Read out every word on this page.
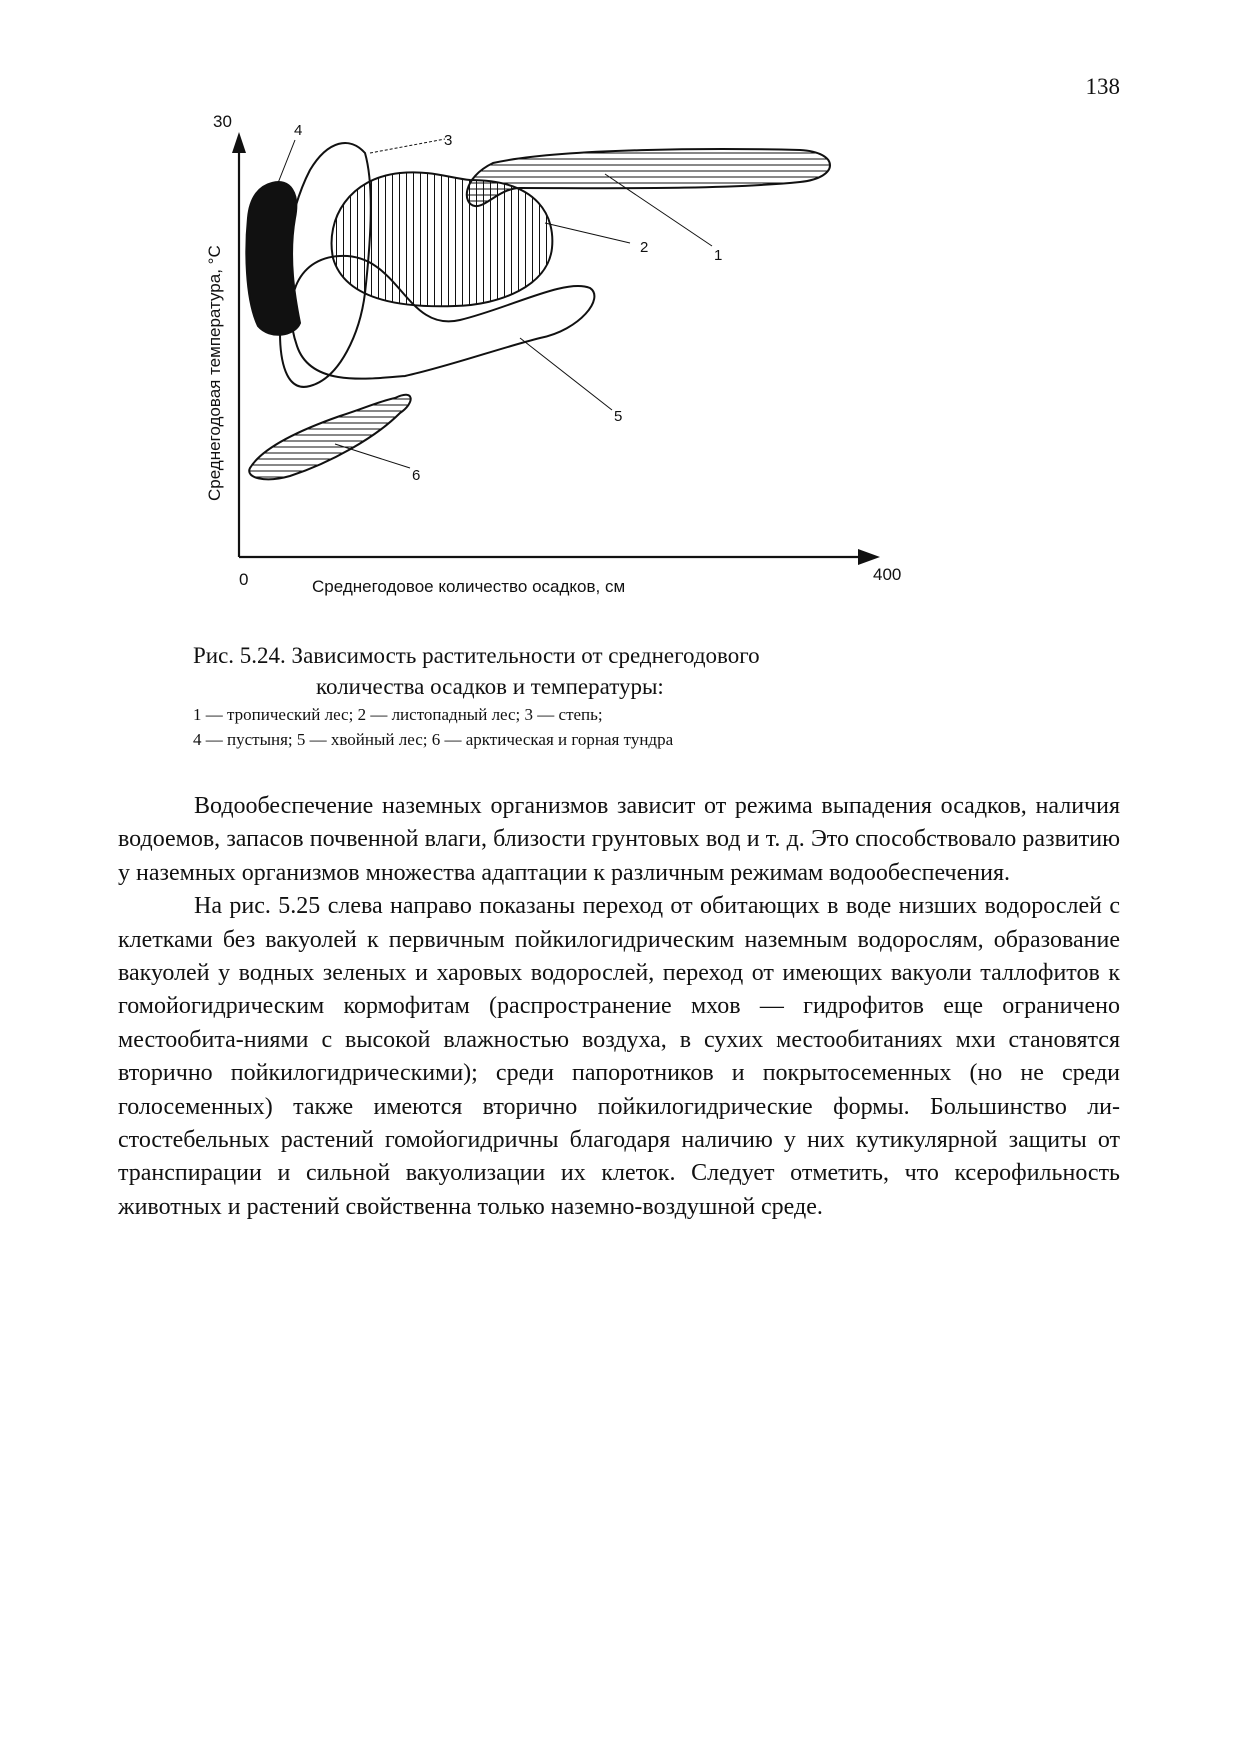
138
30
0	400
Среднегодовая температура, °С
Среднегодовое количество осадков, см
1
2
3
4
5
6
Рис. 5.24. Зависимость растительности от среднегодового
количества осадков и температуры:
1 — тропический лес; 2 — листопадный лес; 3 — степь;
4 — пустыня; 5 — хвойный лес; 6 — арктическая и горная тундра

Водообеспечение наземных организмов зависит от режима выпадения осадков, наличия водоемов, запасов почвенной влаги, близости грунтовых вод и т. д. Это способствовало развитию у наземных организмов множества адаптации к различным режимам водообеспечения.

На рис. 5.25 слева направо показаны переход от обитающих в воде низших водорослей с клетками без вакуолей к первичным пойкилогидрическим наземным водорослям, образование вакуолей у водных зеленых и харовых водорослей, переход от имеющих вакуоли таллофитов к гомойогидрическим кормофитам (распространение мхов — гидрофитов еще ограничено местообита-ниями с высокой влажностью воздуха, в сухих местообитаниях мхи становятся вторично пойкилогидрическими); среди папоротников и покрытосеменных (но не среди голосеменных) также имеются вторично пойкилогидрические формы. Большинство ли-стостебельных растений гомойогидричны благодаря наличию у них кутикулярной защиты от транспирации и сильной вакуолизации их клеток. Следует отметить, что ксерофильность животных и растений свойственна только наземно-воздушной среде.
